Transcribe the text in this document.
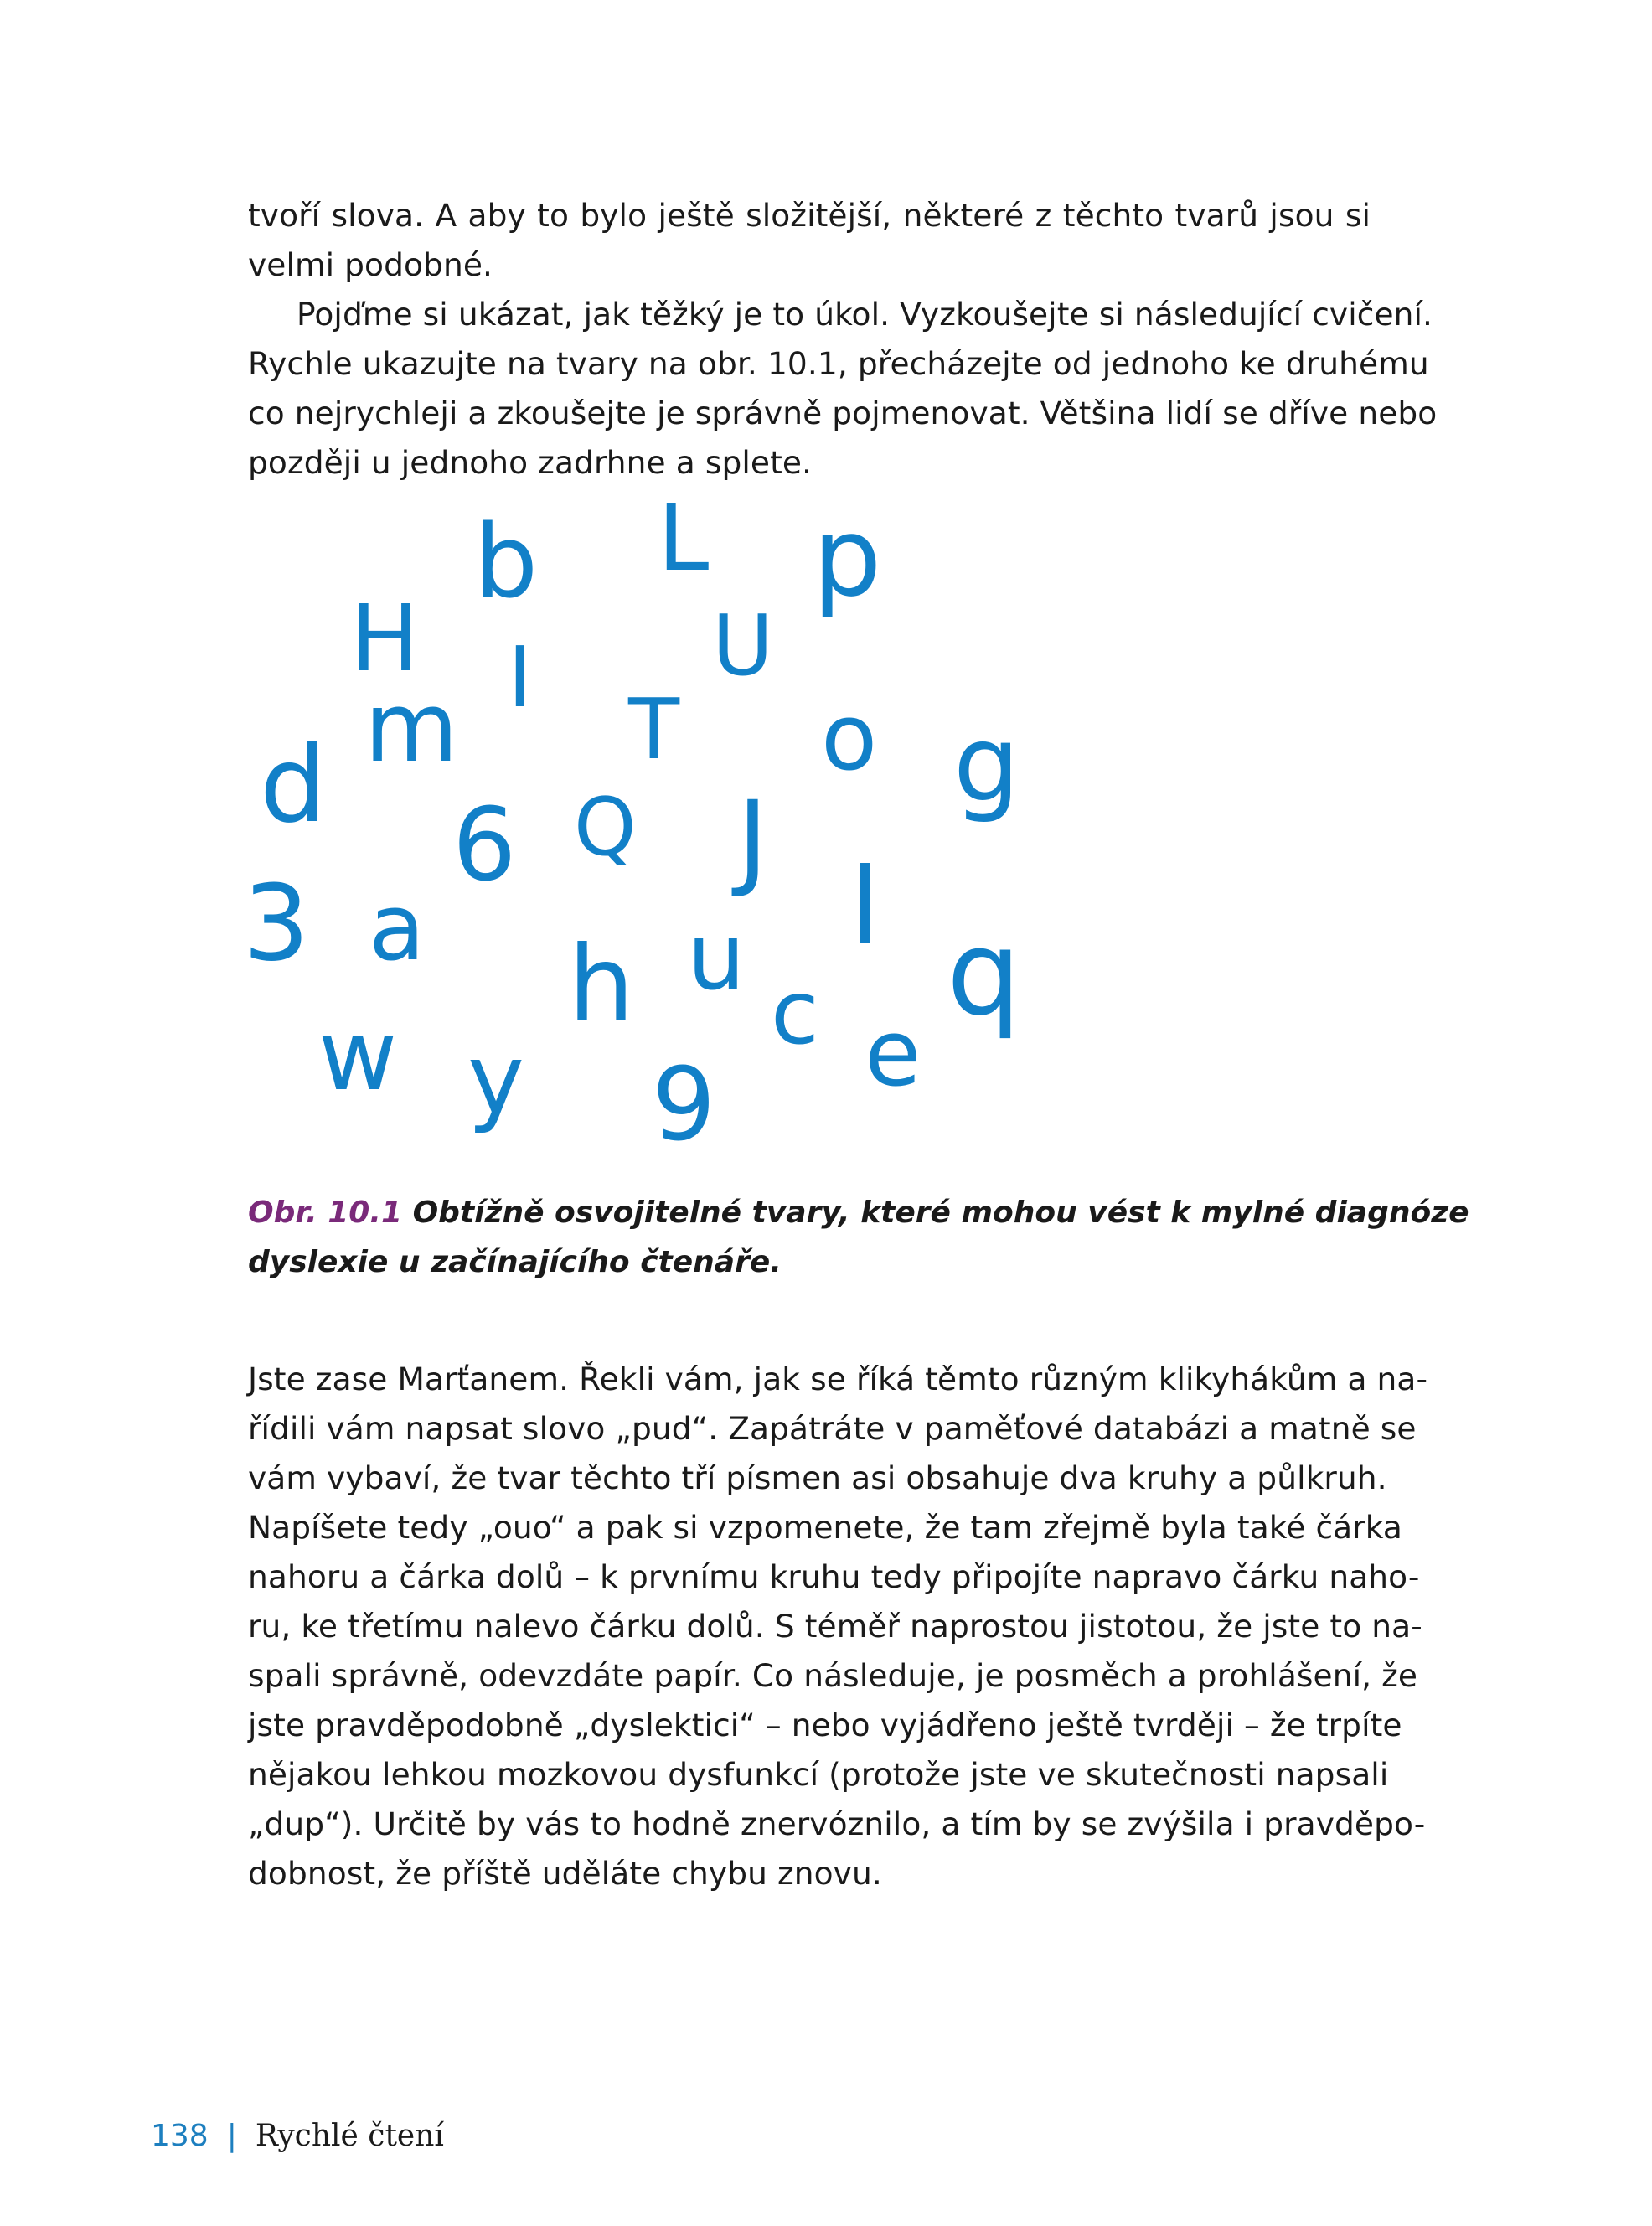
tvoří slova. A aby to bylo ještě složitější, některé z těchto tvarů jsou si
velmi podobné.
Pojďme si ukázat, jak těžký je to úkol. Vyzkoušejte si následující cvičení.
Rychle ukazujte na tvary na obr. 10.1, přecházejte od jednoho ke druhému
co nejrychleji a zkoušejte je správně pojmenovat. Většina lidí se dříve nebo
později u jednoho zadrhne a splete.
b L p
H I U
m T o
d	g
6 Q J
3 a	l
h u q
c
w	e
y 9
Obr. 10.1 Obtížně osvojitelné tvary, které mohou vést k mylné diagnóze
dyslexie u začínajícího čtenáře.
Jste zase Marťanem. Řekli vám, jak se říká těmto různým klikyhákům a na-
řídili vám napsat slovo „pud“. Zapátráte v paměťové databázi a matně se
vám vybaví, že tvar těchto tří písmen asi obsahuje dva kruhy a půlkruh.
Napíšete tedy „ouo“ a pak si vzpomenete, že tam zřejmě byla také čárka
nahoru a čárka dolů – k prvnímu kruhu tedy připojíte napravo čárku naho-
ru, ke třetímu nalevo čárku dolů. S téměř naprostou jistotou, že jste to na-
spali správně, odevzdáte papír. Co následuje, je posměch a prohlášení, že
jste pravděpodobně „dyslektici“ – nebo vyjádřeno ještě tvrději – že trpíte
nějakou lehkou mozkovou dysfunkcí (protože jste ve skutečnosti napsali
„dup“). Určitě by vás to hodně znervóznilo, a tím by se zvýšila i pravděpo-
dobnost, že příště uděláte chybu znovu.
138 | Rychlé čtení
